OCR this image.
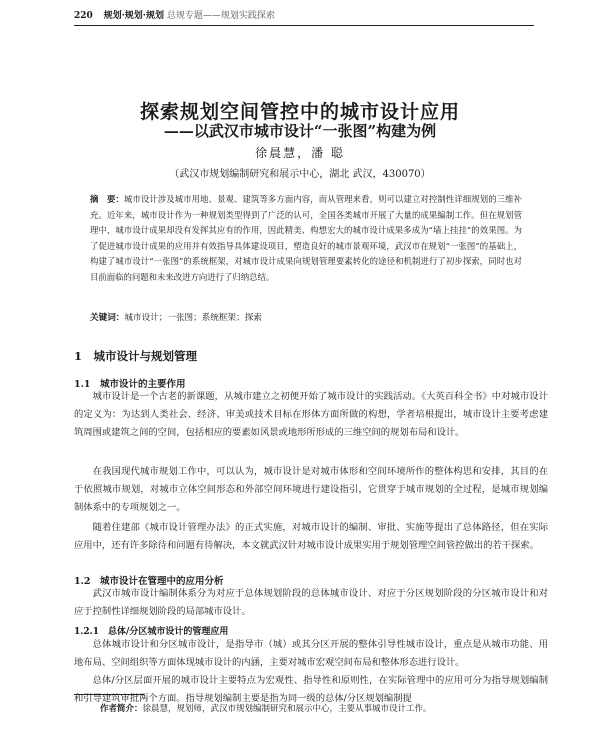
220 规划·规划·规划 总规专题——规划实践探索
探索规划空间管控中的城市设计应用
——以武汉市城市设计“一张图”构建为例
徐晨慧，潘 聪
（武汉市规划编制研究和展示中心，湖北 武汉，430070）

摘　要：城市设计涉及城市用地、景观、建筑等多方面内容，而从管理来看，则可以建立对控制性详细规划的三维补充。近年来，城市设计作为一种规划类型得到了广泛的认可，全国各类城市开展了大量的成果编制工作。但在规划管理中，城市设计成果却没有发挥其应有的作用，因此精美、构想宏大的城市设计成果多成为“墙上挂挂”的效果图。为了促进城市设计成果的应用并有效指导具体建设项目，塑造良好的城市景观环境，武汉市在规划“一张图”的基础上，构建了城市设计“一张图”的系统框架，对城市设计成果向规划管理要素转化的途径和机制进行了初步探索，同时也对目前面临的问题和未来改进方向进行了归纳总结。

关键词：城市设计；一张图；系统框架；探索

1　城市设计与规划管理
1.1　城市设计的主要作用

城市设计是一个古老的新课题，从城市建立之初便开始了城市设计的实践活动。《大英百科全书》中对城市设计的定义为：为达到人类社会、经济、审美或技术目标在形体方面所做的构想，学者培根提出，城市设计主要考虑建筑周围或建筑之间的空间，包括相应的要素如风景或地形所形成的三维空间的规划布局和设计。

在我国现代城市规划工作中，可以认为，城市设计是对城市体形和空间环境所作的整体构思和安排，其目的在于依照城市规划，对城市立体空间形态和外部空间环境进行建设指引，它贯穿于城市规划的全过程，是城市规划编制体系中的专项规划之一。

随着住建部《城市设计管理办法》的正式实施，对城市设计的编制、审批、实施等提出了总体路径，但在实际应用中，还有许多除待和问题有待解决，本文就武汉针对城市设计成果实用于规划管理空间管控做出的若干探索。

1.2　城市设计在管理中的应用分析

武汉市城市设计编制体系分为对应于总体规划阶段的总体城市设计、对应于分区规划阶段的分区城市设计和对应于控制性详细规划阶段的局部城市设计。

1.2.1　总体/分区城市设计的管理应用

总体城市设计和分区城市设计，是指导市（城）或其分区开展的整体引导性城市设计，重点是从城市功能、用地布局、空间组织等方面体现城市设计的内涵，主要对城市宏观空间布局和整体形态进行设计。

总体/分区层面开展的城市设计主要特点为宏观性、指导性和原则性，在实际管理中的应用可分为指导规划编制和引导建筑审批两个方面。指导规划编制主要是指为同一级的总体/分区规划编制提

作者简介：徐晨慧，规划师，武汉市规划编制研究和展示中心，主要从事城市设计工作。
